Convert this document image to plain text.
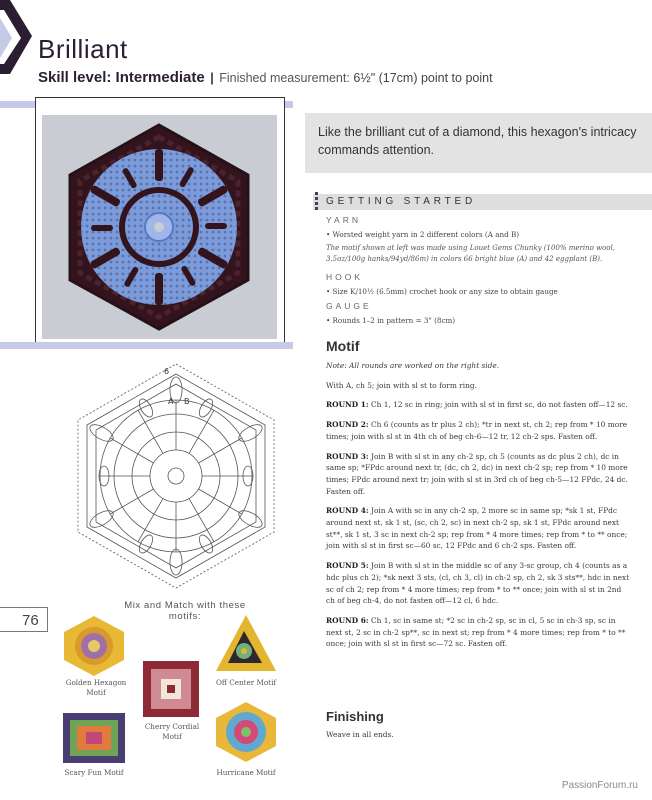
Brilliant
Skill level: Intermediate | Finished measurement: 6½" (17cm) point to point
6
B
A
Like the brilliant cut of a diamond, this hexagon's intricacy commands attention.
GETTING STARTED
YARN
• Worsted weight yarn in 2 different colors (A and B)
The motif shown at left was made using Louet Gems Chunky (100% merino wool, 3.5oz/100g hanks/94yd/86m) in colors 66 bright blue (A) and 42 eggplant (B).
HOOK
• Size K/10½ (6.5mm) crochet hook or any size to obtain gauge
GAUGE
• Rounds 1–2 in pattern = 3" (8cm)
Motif

Note: All rounds are worked on the right side.

With A, ch 5; join with sl st to form ring.

ROUND 1: Ch 1, 12 sc in ring; join with sl st in first sc, do not fasten off—12 sc.

ROUND 2: Ch 6 (counts as tr plus 2 ch); *tr in next st, ch 2; rep from * 10 more times; join with sl st in 4th ch of beg ch-6—12 tr, 12 ch-2 sps. Fasten off.

ROUND 3: Join B with sl st in any ch-2 sp, ch 5 (counts as dc plus 2 ch), dc in same sp; *FPdc around next tr, (dc, ch 2, dc) in next ch-2 sp; rep from * 10 more times; FPdc around next tr; join with sl st in 3rd ch of beg ch-5—12 FPdc, 24 dc. Fasten off.

ROUND 4: Join A with sc in any ch-2 sp, 2 more sc in same sp; *sk 1 st, FPdc around next st, sk 1 st, (sc, ch 2, sc) in next ch-2 sp, sk 1 st, FPdc around next st**, sk 1 st, 3 sc in next ch-2 sp; rep from * 4 more times; rep from * to ** once; join with sl st in first sc—60 sc, 12 FPdc and 6 ch-2 sps. Fasten off.

ROUND 5: Join B with sl st in the middle sc of any 3-sc group, ch 4 (counts as a hdc plus ch 2); *sk next 3 sts, (cl, ch 3, cl) in ch-2 sp, ch 2, sk 3 sts**, hdc in next sc of ch 2; rep from * 4 more times; rep from * to ** once; join with sl st in 2nd ch of beg ch-4, do not fasten off—12 cl, 6 hdc.

ROUND 6: Ch 1, sc in same st; *2 sc in ch-2 sp, sc in cl, 5 sc in ch-3 sp, sc in next st, 2 sc in ch-2 sp**, sc in next st; rep from * 4 more times; rep from * to ** once; join with sl st in first sc—72 sc. Fasten off.

Finishing
Weave in all ends.
76
Mix and Match with these motifs:
Golden Hexagon Motif
Cherry Cordial Motif
Off Center Motif
Scary Fun Motif	Hurricane Motif
PassionForum.ru
